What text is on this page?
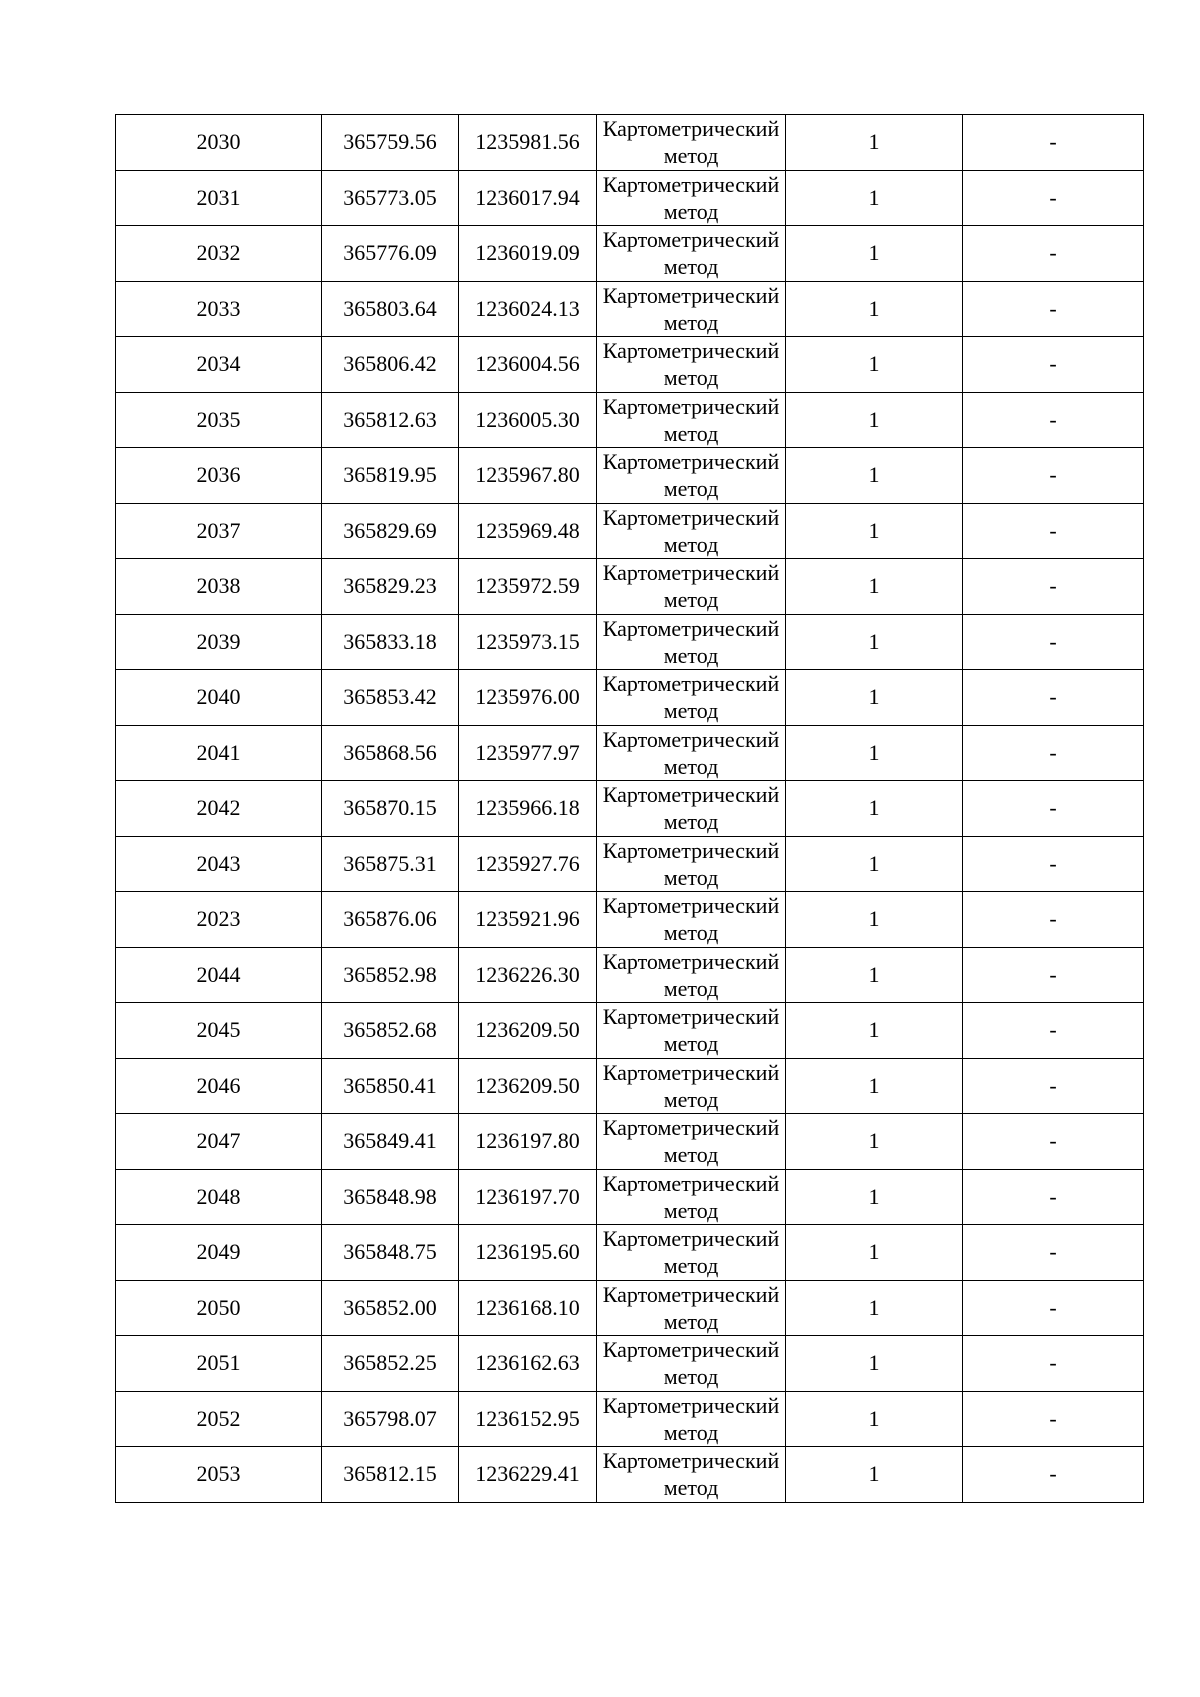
2030	365759.56	1235981.56	Картометрический метод	1	-
2031	365773.05	1236017.94	Картометрический метод	1	-
2032	365776.09	1236019.09	Картометрический метод	1	-
2033	365803.64	1236024.13	Картометрический метод	1	-
2034	365806.42	1236004.56	Картометрический метод	1	-
2035	365812.63	1236005.30	Картометрический метод	1	-
2036	365819.95	1235967.80	Картометрический метод	1	-
2037	365829.69	1235969.48	Картометрический метод	1	-
2038	365829.23	1235972.59	Картометрический метод	1	-
2039	365833.18	1235973.15	Картометрический метод	1	-
2040	365853.42	1235976.00	Картометрический метод	1	-
2041	365868.56	1235977.97	Картометрический метод	1	-
2042	365870.15	1235966.18	Картометрический метод	1	-
2043	365875.31	1235927.76	Картометрический метод	1	-
2023	365876.06	1235921.96	Картометрический метод	1	-
2044	365852.98	1236226.30	Картометрический метод	1	-
2045	365852.68	1236209.50	Картометрический метод	1	-
2046	365850.41	1236209.50	Картометрический метод	1	-
2047	365849.41	1236197.80	Картометрический метод	1	-
2048	365848.98	1236197.70	Картометрический метод	1	-
2049	365848.75	1236195.60	Картометрический метод	1	-
2050	365852.00	1236168.10	Картометрический метод	1	-
2051	365852.25	1236162.63	Картометрический метод	1	-
2052	365798.07	1236152.95	Картометрический метод	1	-
2053	365812.15	1236229.41	Картометрический метод	1	-
